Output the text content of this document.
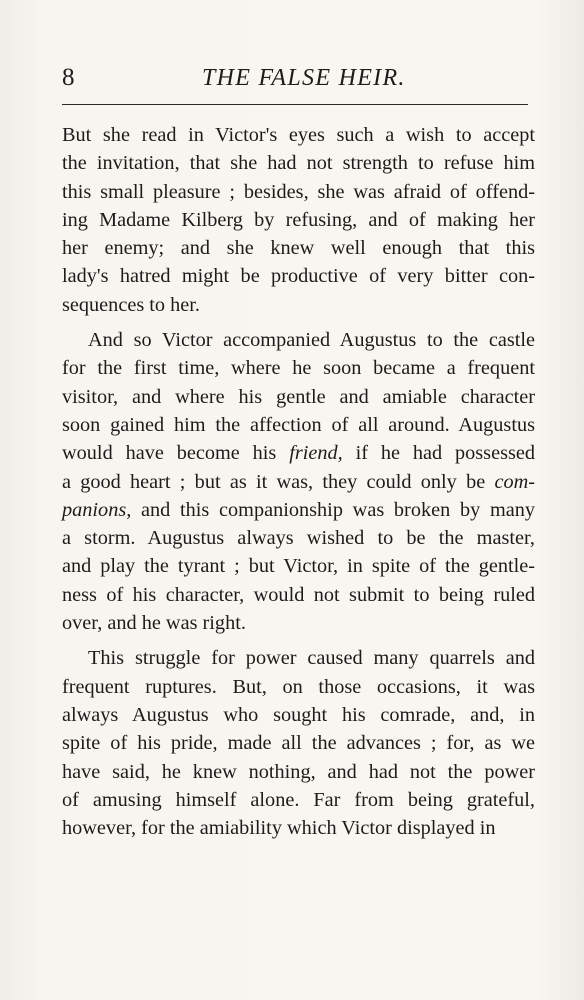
8	THE FALSE HEIR.
But she read in Victor's eyes such a wish to accept
the invitation, that she had not strength to refuse him
this small pleasure ; besides, she was afraid of offend-
ing Madame Kilberg by refusing, and of making her
her enemy; and she knew well enough that this
lady's hatred might be productive of very bitter con-
sequences to her.
And so Victor accompanied Augustus to the castle
for the first time, where he soon became a frequent
visitor, and where his gentle and amiable character
soon gained him the affection of all around. Augustus
would have become his friend, if he had possessed
a good heart ; but as it was, they could only be com-
panions, and this companionship was broken by many
a storm. Augustus always wished to be the master,
and play the tyrant ; but Victor, in spite of the gentle-
ness of his character, would not submit to being ruled
over, and he was right.
This struggle for power caused many quarrels and
frequent ruptures. But, on those occasions, it was
always Augustus who sought his comrade, and, in
spite of his pride, made all the advances ; for, as we
have said, he knew nothing, and had not the power
of amusing himself alone. Far from being grateful,
however, for the amiability which Victor displayed in
